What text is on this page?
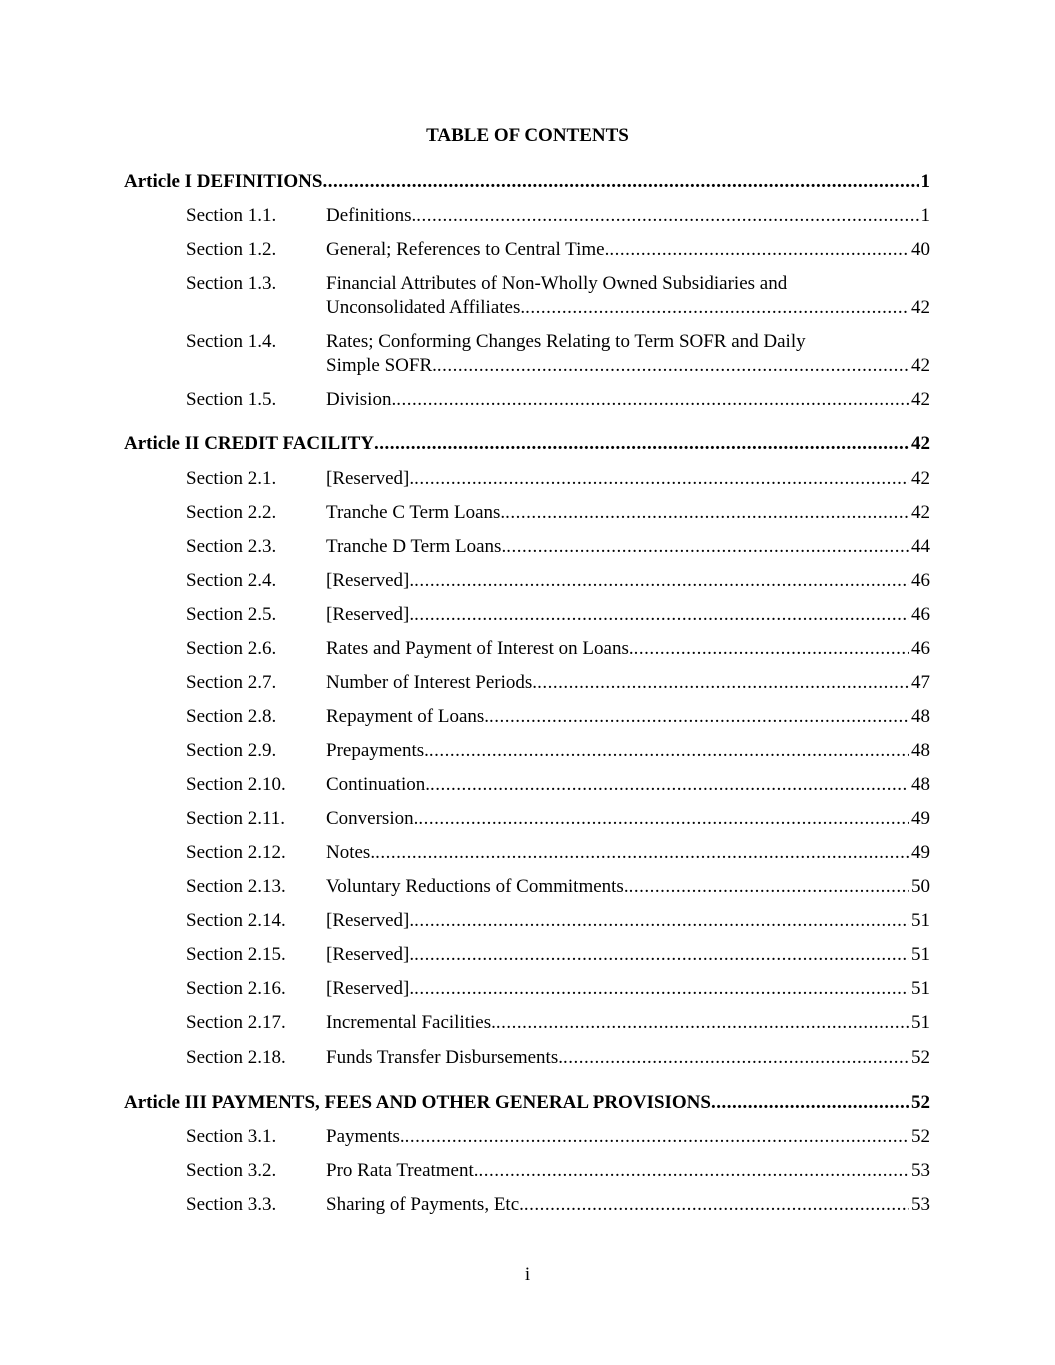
TABLE OF CONTENTS
Article I DEFINITIONS .....	1
Section 1.1.	Definitions. .....	1
Section 1.2.	General; References to Central Time. .....	40
Section 1.3.	Financial Attributes of Non-Wholly Owned Subsidiaries and
Unconsolidated Affiliates. .....	42
Section 1.4.	Rates; Conforming Changes Relating to Term SOFR and Daily
Simple SOFR. .....	42
Section 1.5.	Division. .....	42
Article II CREDIT FACILITY .....	42
Section 2.1.	[Reserved]. .....	42
Section 2.2.	Tranche C Term Loans. .....	42
Section 2.3.	Tranche D Term Loans. .....	44
Section 2.4.	[Reserved]. .....	46
Section 2.5.	[Reserved]. .....	46
Section 2.6.	Rates and Payment of Interest on Loans. .....	46
Section 2.7.	Number of Interest Periods. .....	47
Section 2.8.	Repayment of Loans. .....	48
Section 2.9.	Prepayments. .....	48
Section 2.10. Continuation. .....	48
Section 2.11. Conversion. .....	49
Section 2.12. Notes. .....	49
Section 2.13. Voluntary Reductions of Commitments. .....	50
Section 2.14. [Reserved]. .....	51
Section 2.15. [Reserved]. .....	51
Section 2.16. [Reserved]. .....	51
Section 2.17. Incremental Facilities. .....	51
Section 2.18. Funds Transfer Disbursements. .....	52
Article III PAYMENTS, FEES AND OTHER GENERAL PROVISIONS .....	52
Section 3.1.	Payments. .....	52
Section 3.2.	Pro Rata Treatment. .....	53
Section 3.3.	Sharing of Payments, Etc. .....	53
i
